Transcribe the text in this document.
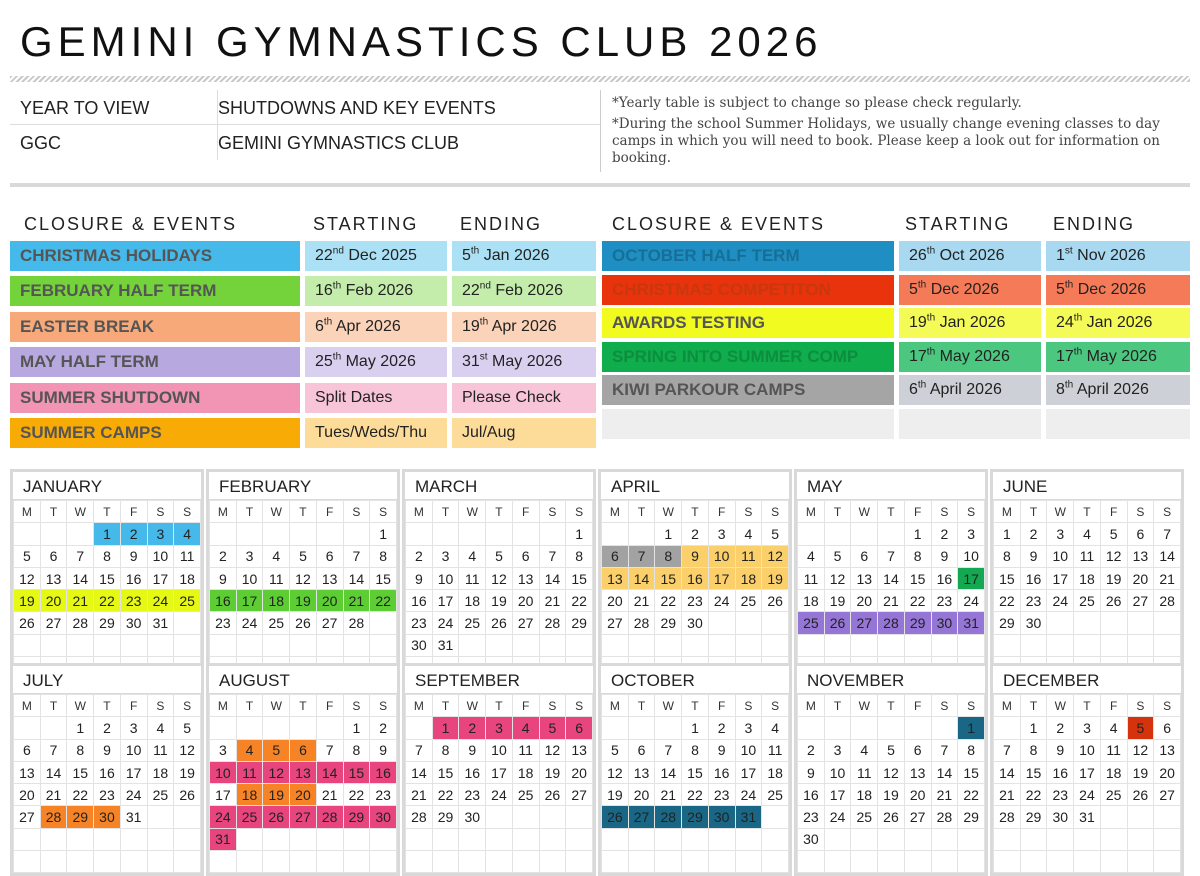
GEMINI GYMNASTICS CLUB 2026
YEAR TO VIEW	SHUTDOWNS AND KEY EVENTS
GGC	GEMINI GYMNASTICS CLUB

*Yearly table is subject to change so please check regularly.

*During the school Summer Holidays, we usually change evening classes to day camps in which you will need to book. Please keep a look out for information on booking.

CLOSURE & EVENTS	STARTING ENDING	CLOSURE & EVENTS	STARTING ENDING
CHRISTMAS HOLIDAYS	22nd Dec 2025	5th Jan 2026
FEBRUARY HALF TERM	16th Feb 2026	22nd Feb 2026
EASTER BREAK	6th Apr 2026	19th Apr 2026
MAY HALF TERM	25th May 2026	31st May 2026
SUMMER SHUTDOWN	Split Dates	Please Check
SUMMER CAMPS	Tues/Weds/Thu	Jul/Aug
OCTOBER HALF TERM	26th Oct 2026	1st Nov 2026
CHRISTMAS COMPETITON	5th Dec 2026	5th Dec 2026
AWARDS TESTING	19th Jan 2026	24th Jan 2026
SPRING INTO SUMMER COMP	17th May 2026	17th May 2026
KIWI PARKOUR CAMPS	6th April 2026	8th April 2026
JANUARY
M	T	W	T	F	S	S
			1	2	3	4
5	6	7	8	9	10	11
12	13	14	15	16	17	18
19	20	21	22	23	24	25
26	27	28	29	30	31	

FEBRUARY
M	T	W	T	F	S	S
						1
2	3	4	5	6	7	8
9	10	11	12	13	14	15
16	17	18	19	20	21	22
23	24	25	26	27	28	

MARCH
M	T	W	T	F	S	S
						1
2	3	4	5	6	7	8
9	10	11	12	13	14	15
16	17	18	19	20	21	22
23	24	25	26	27	28	29
30	31					

APRIL
M	T	W	T	F	S	S
		1	2	3	4	5
6	7	8	9	10	11	12
13	14	15	16	17	18	19
20	21	22	23	24	25	26
27	28	29	30			

MAY
M	T	W	T	F	S	S
				1	2	3
4	5	6	7	8	9	10
11	12	13	14	15	16	17
18	19	20	21	22	23	24
25	26	27	28	29	30	31

JUNE
M	T	W	T	F	S	S
1	2	3	4	5	6	7
8	9	10	11	12	13	14
15	16	17	18	19	20	21
22	23	24	25	26	27	28
29	30					

JULY
M	T	W	T	F	S	S
		1	2	3	4	5
6	7	8	9	10	11	12
13	14	15	16	17	18	19
20	21	22	23	24	25	26
27	28	29	30	31		

AUGUST
M	T	W	T	F	S	S
					1	2
3	4	5	6	7	8	9
10	11	12	13	14	15	16
17	18	19	20	21	22	23
24	25	26	27	28	29	30
31						

SEPTEMBER
M	T	W	T	F	S	S
	1	2	3	4	5	6
7	8	9	10	11	12	13
14	15	16	17	18	19	20
21	22	23	24	25	26	27
28	29	30				

OCTOBER
M	T	W	T	F	S	S
			1	2	3	4
5	6	7	8	9	10	11
12	13	14	15	16	17	18
19	20	21	22	23	24	25
26	27	28	29	30	31	

NOVEMBER
M	T	W	T	F	S	S
						1
2	3	4	5	6	7	8
9	10	11	12	13	14	15
16	17	18	19	20	21	22
23	24	25	26	27	28	29
30						

DECEMBER
M	T	W	T	F	S	S
	1	2	3	4	5	6
7	8	9	10	11	12	13
14	15	16	17	18	19	20
21	22	23	24	25	26	27
28	29	30	31			
